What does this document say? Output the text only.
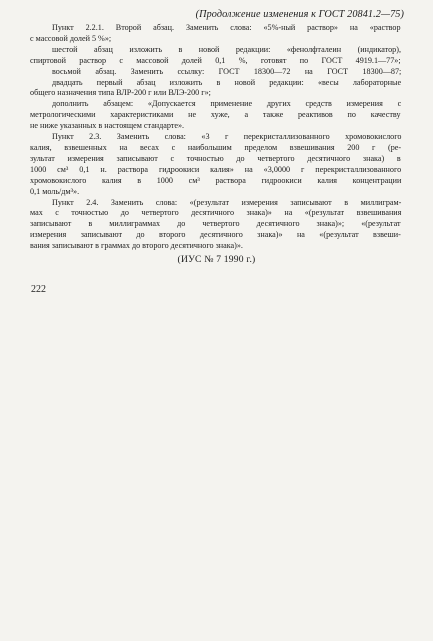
(Продолжение изменения к ГОСТ 20841.2—75)
Пункт 2.2.1. Второй абзац. Заменить слова: «5%-ный раствор» на «раствор
с массовой долей 5 %»;
шестой абзац изложить в новой редакции: «фенолфталеин (индикатор),
спиртовой раствор с массовой долей 0,1 %, готовят по ГОСТ 4919.1—77»;
восьмой абзац. Заменить ссылку: ГОСТ 18300—72 на ГОСТ 18300—87;
двадцать первый абзац изложить в новой редакции: «весы лабораторные
общего назначения типа ВЛР-200 г или ВЛЭ-200 г»;
дополнить абзацем: «Допускается применение других средств измерения с
метрологическими характеристиками не хуже, а также реактивов по качеству
не ниже указанных в настоящем стандарте».
Пункт 2.3. Заменить слова: «3 г перекристаллизованного хромовокислого
калия, взвешенных на весах с наибольшим пределом взвешивания 200 г (ре-
зультат измерения записывают с точностью до четвертого десятичного знака) в
1000 см³ 0,1 н. раствора гидроокиси калия» на «3,0000 г перекристаллизованного
хромовокислого калия в 1000 см³ раствора гидроокиси калия концентрации
0,1 моль/дм³».
Пункт 2.4. Заменить слова: «(результат измерения записывают в миллиграм-
мах с точностью до четвертого десятичного знака)» на «(результат взвешивания
записывают в миллиграммах до четвертого десятичного знака)»; «(результат
измерения записывают до второго десятичного знака)» на «(результат взвеши-
вания записывают в граммах до второго десятичного знака)».
(ИУС № 7 1990 г.)
222
